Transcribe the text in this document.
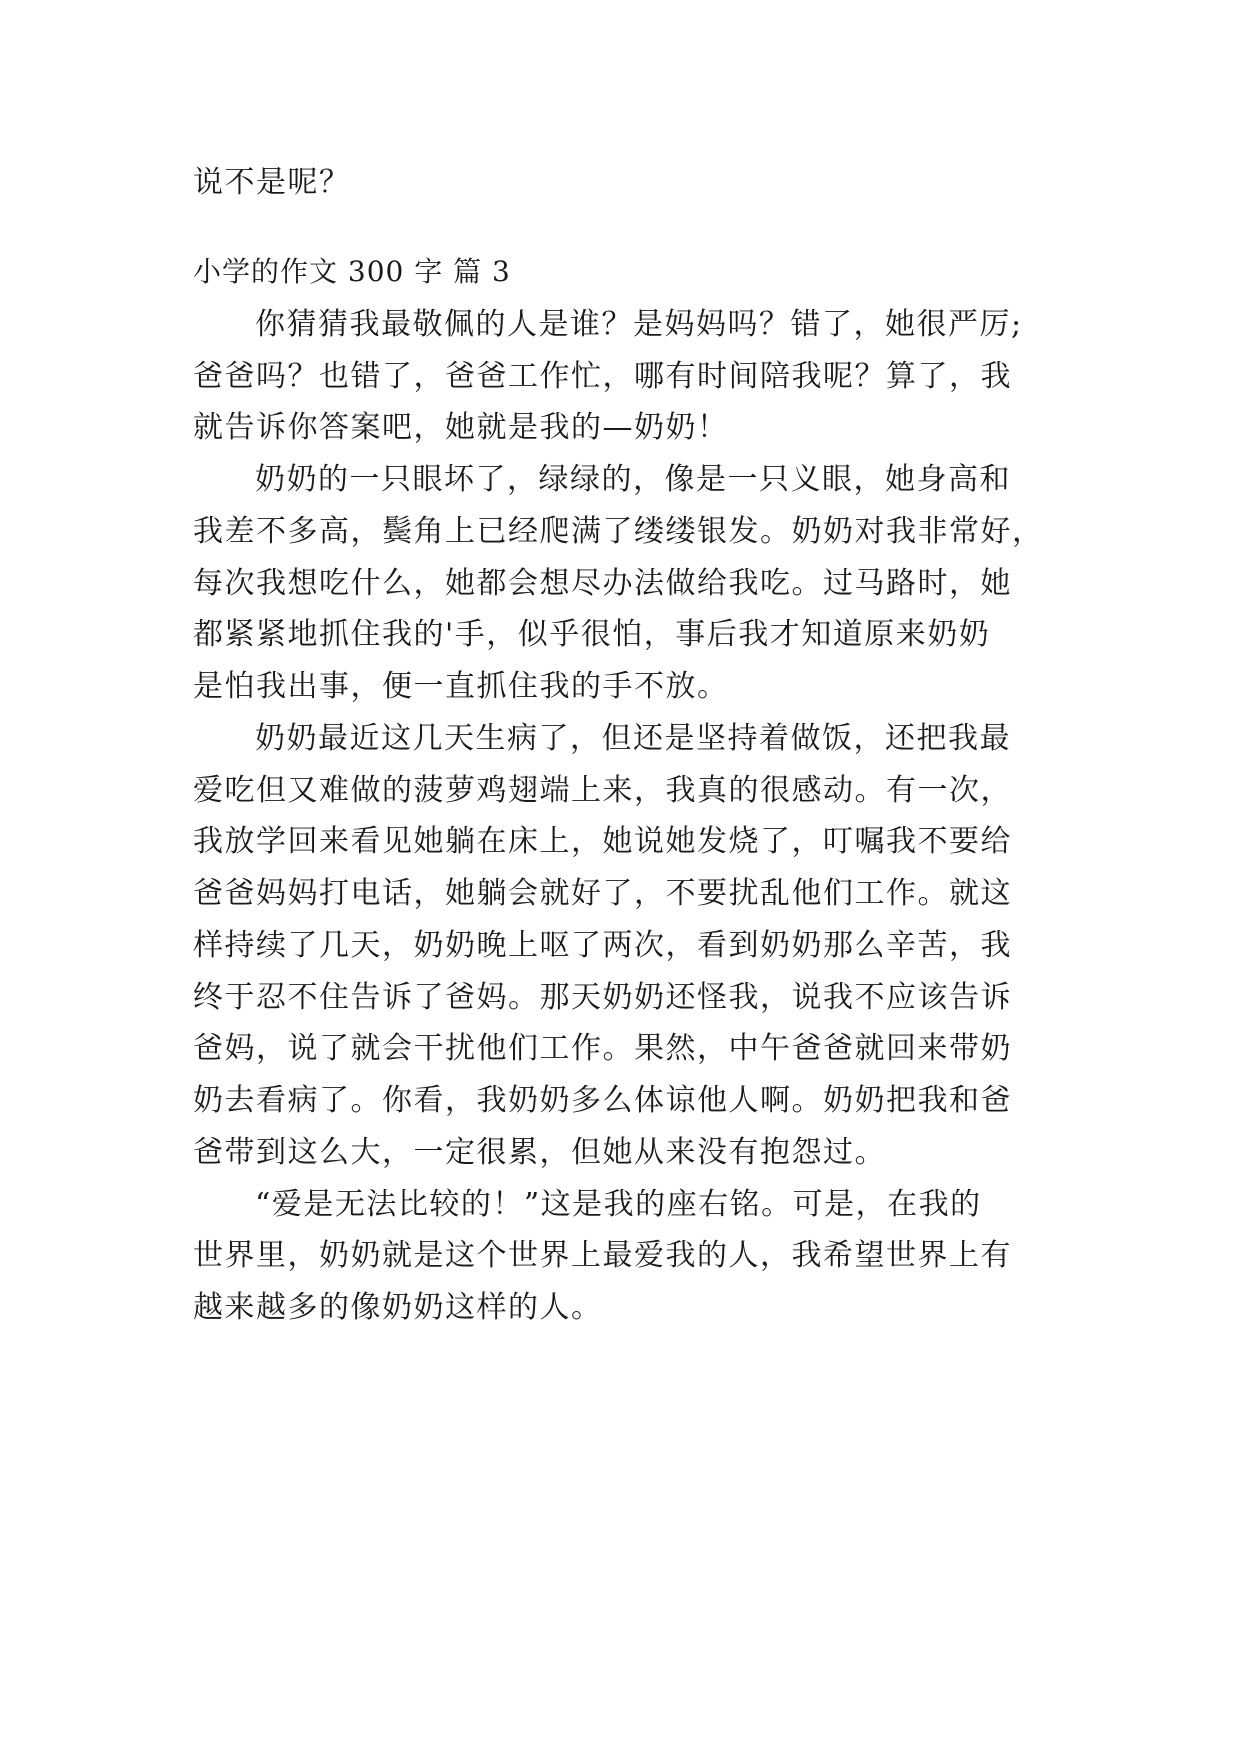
说不是呢？
小学的作文 300 字 篇 3
你猜猜我最敬佩的人是谁？是妈妈吗？错了，她很严厉;
爸爸吗？也错了，爸爸工作忙，哪有时间陪我呢？算了，我
就告诉你答案吧，她就是我的—奶奶！
奶奶的一只眼坏了，绿绿的，像是一只义眼，她身高和
我差不多高，鬓角上已经爬满了缕缕银发。奶奶对我非常好，
每次我想吃什么，她都会想尽办法做给我吃。过马路时，她
都紧紧地抓住我的'手，似乎很怕，事后我才知道原来奶奶
是怕我出事，便一直抓住我的手不放。
奶奶最近这几天生病了，但还是坚持着做饭，还把我最
爱吃但又难做的菠萝鸡翅端上来，我真的很感动。有一次，
我放学回来看见她躺在床上，她说她发烧了，叮嘱我不要给
爸爸妈妈打电话，她躺会就好了，不要扰乱他们工作。就这
样持续了几天，奶奶晚上呕了两次，看到奶奶那么辛苦，我
终于忍不住告诉了爸妈。那天奶奶还怪我，说我不应该告诉
爸妈，说了就会干扰他们工作。果然，中午爸爸就回来带奶
奶去看病了。你看，我奶奶多么体谅他人啊。奶奶把我和爸
爸带到这么大，一定很累，但她从来没有抱怨过。
“爱是无法比较的！”这是我的座右铭。可是，在我的
世界里，奶奶就是这个世界上最爱我的人，我希望世界上有
越来越多的像奶奶这样的人。
